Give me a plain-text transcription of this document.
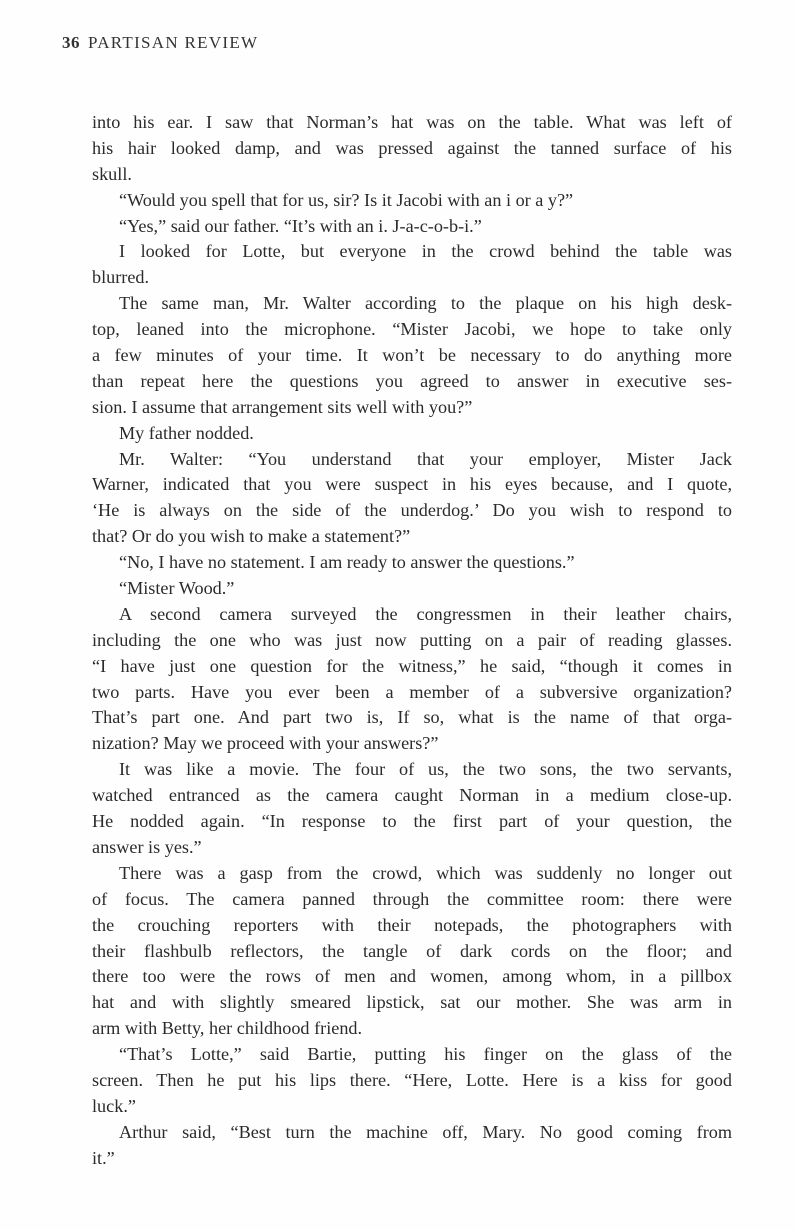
36 PARTISAN REVIEW
into his ear. I saw that Norman’s hat was on the table. What was left of
his hair looked damp, and was pressed against the tanned surface of his
skull.
“Would you spell that for us, sir? Is it Jacobi with an i or a y?”
“Yes,” said our father. “It’s with an i. J-a-c-o-b-i.”
I looked for Lotte, but everyone in the crowd behind the table was
blurred.
The same man, Mr. Walter according to the plaque on his high desk-
top, leaned into the microphone. “Mister Jacobi, we hope to take only
a few minutes of your time. It won’t be necessary to do anything more
than repeat here the questions you agreed to answer in executive ses-
sion. I assume that arrangement sits well with you?”
My father nodded.
Mr. Walter: “You understand that your employer, Mister Jack
Warner, indicated that you were suspect in his eyes because, and I quote,
‘He is always on the side of the underdog.’ Do you wish to respond to
that? Or do you wish to make a statement?”
“No, I have no statement. I am ready to answer the questions.”
“Mister Wood.”
A second camera surveyed the congressmen in their leather chairs,
including the one who was just now putting on a pair of reading glasses.
“I have just one question for the witness,” he said, “though it comes in
two parts. Have you ever been a member of a subversive organization?
That’s part one. And part two is, If so, what is the name of that orga-
nization? May we proceed with your answers?”
It was like a movie. The four of us, the two sons, the two servants,
watched entranced as the camera caught Norman in a medium close-up.
He nodded again. “In response to the first part of your question, the
answer is yes.”
There was a gasp from the crowd, which was suddenly no longer out
of focus. The camera panned through the committee room: there were
the crouching reporters with their notepads, the photographers with
their flashbulb reflectors, the tangle of dark cords on the floor; and
there too were the rows of men and women, among whom, in a pillbox
hat and with slightly smeared lipstick, sat our mother. She was arm in
arm with Betty, her childhood friend.
“That’s Lotte,” said Bartie, putting his finger on the glass of the
screen. Then he put his lips there. “Here, Lotte. Here is a kiss for good
luck.”
Arthur said, “Best turn the machine off, Mary. No good coming from
it.”
